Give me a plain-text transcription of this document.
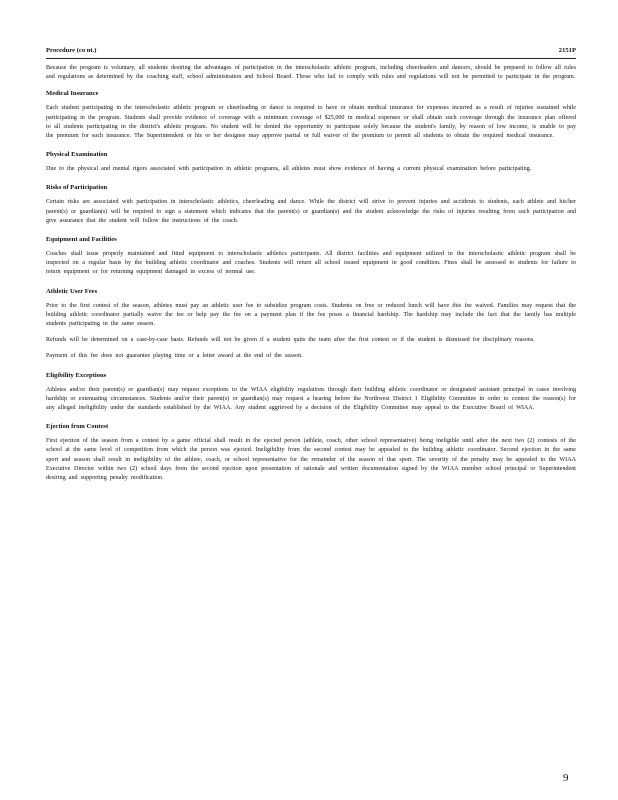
Procedure (co nt.)	2151P

Because the program is voluntary, all students desiring the advantages of participation in the interscholastic athletic program, including cheerleaders and dancers, should be prepared to follow all rules and regulations as determined by the coaching staff, school administration and School Board. Those who fail to comply with rules and regulations will not be permitted to participate in the program.

Medical Insurance

Each student participating in the interscholastic athletic program or cheerleading or dance is required to have or obtain medical insurance for expenses incurred as a result of injuries sustained while participating in the program. Students shall provide evidence of coverage with a minimum coverage of $25,000 in medical expenses or shall obtain such coverage through the insurance plan offered to all students participating in the district's athletic program. No student will be denied the opportunity to participate solely because the student's family, by reason of low income, is unable to pay the premium for such insurance. The Superintendent or his or her designee may approve partial or full waiver of the premium to permit all students to obtain the required medical insurance.

Physical Examination

Due to the physical and mental rigors associated with participation in athletic programs, all athletes must show evidence of having a current physical examination before participating.

Risks of Participation

Certain risks are associated with participation in interscholastic athletics, cheerleading and dance. While the district will strive to prevent injuries and accidents to students, each athlete and his/her parent(s) or guardian(s) will be required to sign a statement which indicates that the parent(s) or guardian(s) and the student acknowledge the risks of injuries resulting from such participation and give assurance that the student will follow the instructions of the coach.

Equipment and Facilities

Coaches shall issue properly maintained and fitted equipment to interscholastic athletics participants. All district facilities and equipment utilized in the interscholastic athletic program shall be inspected on a regular basis by the building athletic coordinator and coaches. Students will return all school issued equipment in good condition. Fines shall be assessed to students for failure to return equipment or for returning equipment damaged in excess of normal use.

Athletic User Fees

Prior to the first contest of the season, athletes must pay an athletic user fee to subsidize program costs. Students on free or reduced lunch will have this fee waived. Families may request that the building athletic coordinator partially waive the fee or help pay the fee on a payment plan if the fee poses a financial hardship. The hardship may include the fact that the family has multiple students participating in the same season.

Refunds will be determined on a case-by-case basis. Refunds will not be given if a student quits the team after the first contest or if the student is dismissed for disciplinary reasons.

Payment of this fee does not guarantee playing time or a letter award at the end of the season.

Eligibility Exceptions

Athletes and/or their parent(s) or guardian(s) may request exceptions to the WIAA eligibility regulations through their building athletic coordinator or designated assistant principal in cases involving hardship or extenuating circumstances. Students and/or their parent(s) or guardian(s) may request a hearing before the Northwest District 1 Eligibility Committee in order to contest the reason(s) for any alleged ineligibility under the standards established by the WIAA. Any student aggrieved by a decision of the Eligibility Committee may appeal to the Executive Board of WIAA.

Ejection from Contest

First ejection of the season from a contest by a game official shall result in the ejected person (athlete, coach, other school representative) being ineligible until after the next two (2) contests of the school at the same level of competition from which the person was ejected. Ineligibility from the second contest may be appealed to the building athletic coordinator. Second ejection in the same sport and season shall result in ineligibility of the athlete, coach, or school representative for the remainder of the season of that sport. The severity of the penalty may be appealed to the WIAA Executive Director within two (2) school days from the second ejection upon presentation of rationale and written documentation signed by the WIAA member school principal or Superintendent desiring and supporting penalty modification.

9
